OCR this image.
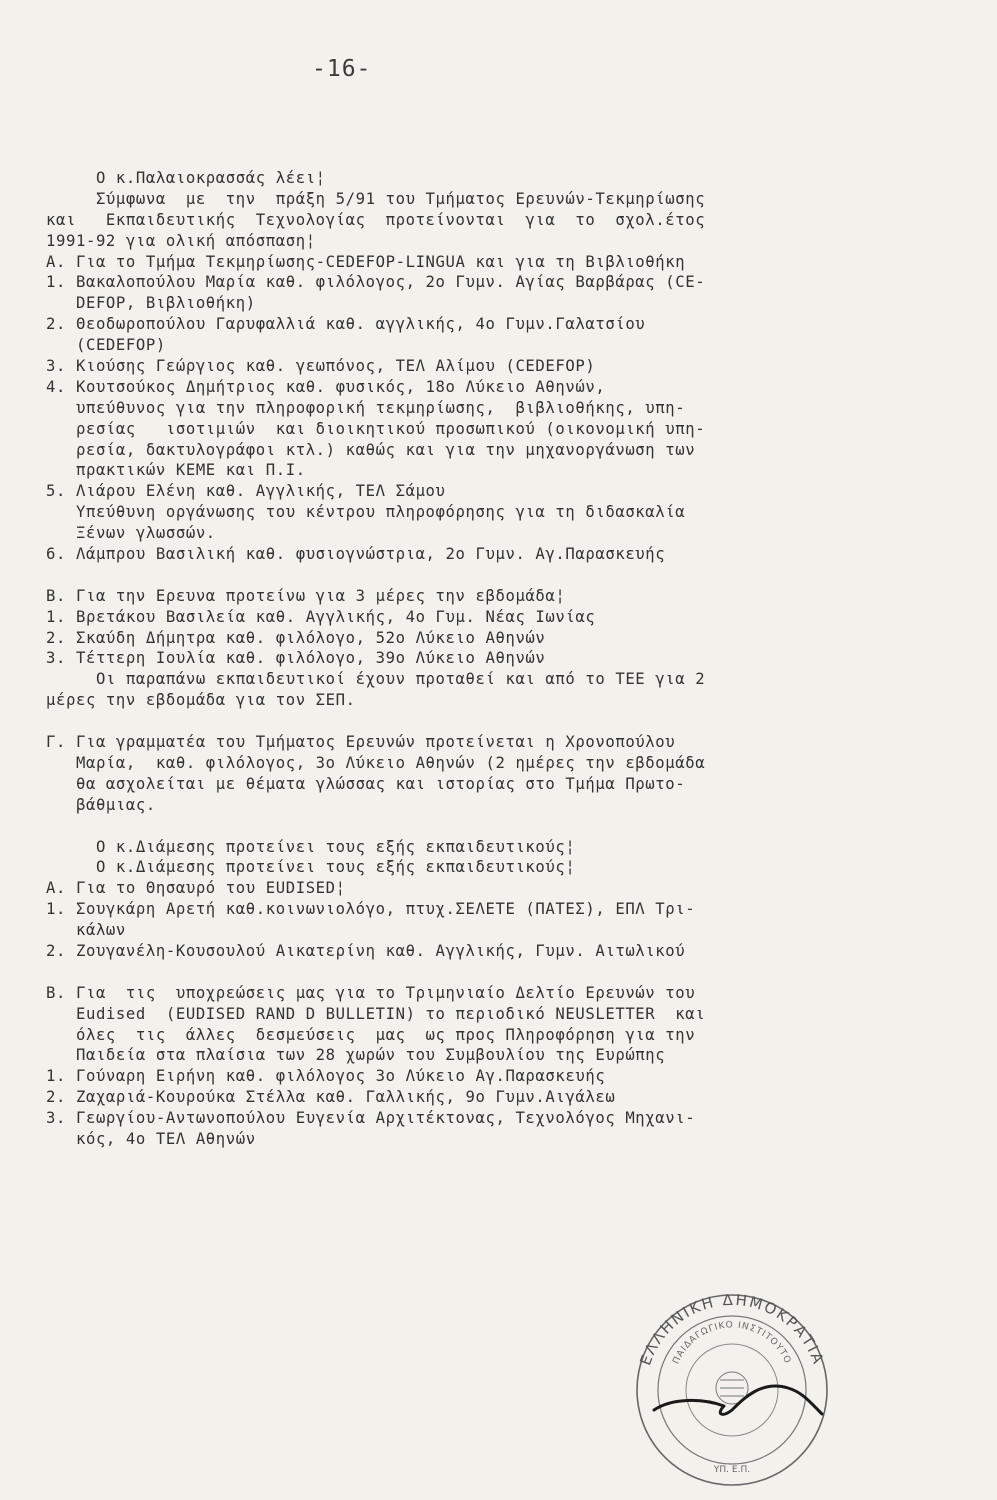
-16-
Ο κ.Παλαιοκρασσάς λέει¦
Σύμφωνα  με  την  πράξη 5/91 του Τμήματος Ερευνών-Τεκμηρίωσης
και   Εκπαιδευτικής  Τεχνολογίας  προτείνονται  για  το  σχολ.έτος
1991-92 για ολική απόσπαση¦
Α. Για το Τμήμα Τεκμηρίωσης-CEDEFOP-LINGUA και για τη Βιβλιοθήκη
1. Βακαλοπούλου Μαρία καθ. φιλόλογος, 2ο Γυμν. Αγίας Βαρβάρας (CE-
DEFOP, Βιβλιοθήκη)
2. Θεοδωροπούλου Γαρυφαλλιά καθ. αγγλικής, 4ο Γυμν.Γαλατσίου
(CEDEFOP)
3. Κιούσης Γεώργιος καθ. γεωπόνος, ΤΕΛ Αλίμου (CEDEFOP)
4. Κουτσούκος Δημήτριος καθ. φυσικός, 18ο Λύκειο Αθηνών,
υπεύθυνος για την πληροφορική τεκμηρίωσης,  βιβλιοθήκης, υπη-
ρεσίας   ισοτιμιών  και διοικητικού προσωπικού (οικονομική υπη-
ρεσία, δακτυλογράφοι κτλ.) καθώς και για την μηχανοργάνωση των
πρακτικών ΚΕΜΕ και Π.Ι.
5. Λιάρου Ελένη καθ. Αγγλικής, ΤΕΛ Σάμου
Υπεύθυνη οργάνωσης του κέντρου πληροφόρησης για τη διδασκαλία
Ξένων γλωσσών.
6. Λάμπρου Βασιλική καθ. φυσιογνώστρια, 2ο Γυμν. Αγ.Παρασκευής
Β. Για την Ερευνα προτείνω για 3 μέρες την εβδομάδα¦
1. Βρετάκου Βασιλεία καθ. Αγγλικής, 4ο Γυμ. Νέας Ιωνίας
2. Σκαύδη Δήμητρα καθ. φιλόλογο, 52ο Λύκειο Αθηνών
3. Τέττερη Ιουλία καθ. φιλόλογο, 39ο Λύκειο Αθηνών
Οι παραπάνω εκπαιδευτικοί έχουν προταθεί και από το ΤΕΕ για 2
μέρες την εβδομάδα για τον ΣΕΠ.
Γ. Για γραμματέα του Τμήματος Ερευνών προτείνεται η Χρονοπούλου
Μαρία,  καθ. φιλόλογος, 3ο Λύκειο Αθηνών (2 ημέρες την εβδομάδα
θα ασχολείται με θέματα γλώσσας και ιστορίας στο Τμήμα Πρωτο-
βάθμιας.
Ο κ.Διάμεσης προτείνει τους εξής εκπαιδευτικούς¦
Ο κ.Διάμεσης προτείνει τους εξής εκπαιδευτικούς¦
Α. Για το Θησαυρό του EUDISED¦
1. Σουγκάρη Αρετή καθ.κοινωνιολόγο, πτυχ.ΣΕΛΕΤΕ (ΠΑΤΕΣ), ΕΠΛ Τρι-
κάλων
2. Ζουγανέλη-Κουσουλού Αικατερίνη καθ. Αγγλικής, Γυμν. Αιτωλικού
Β. Για  τις  υποχρεώσεις μας για το Τριμηνιαίο Δελτίο Ερευνών του
Eudised  (EUDISED RAND D BULLETIN) το περιοδικό NEUSLETTER  και
όλες  τις  άλλες  δεσμεύσεις  μας  ως προς Πληροφόρηση για την
Παιδεία στα πλαίσια των 28 χωρών του Συμβουλίου της Ευρώπης
1. Γούναρη Ειρήνη καθ. φιλόλογος 3ο Λύκειο Αγ.Παρασκευής
2. Ζαχαριά-Κουρούκα Στέλλα καθ. Γαλλικής, 9ο Γυμν.Αιγάλεω
3. Γεωργίου-Αντωνοπούλου Ευγενία Αρχιτέκτονας, Τεχνολόγος Μηχανι-
κός, 4ο ΤΕΛ Αθηνών
ΕΛΛΗΝΙΚΗ ΔΗΜΟΚΡΑΤΙΑ
ΠΑΙΔΑΓΩΓΙΚΟ ΙΝΣΤΙΤΟΥΤΟ
ΥΠ. Ε.Π.
